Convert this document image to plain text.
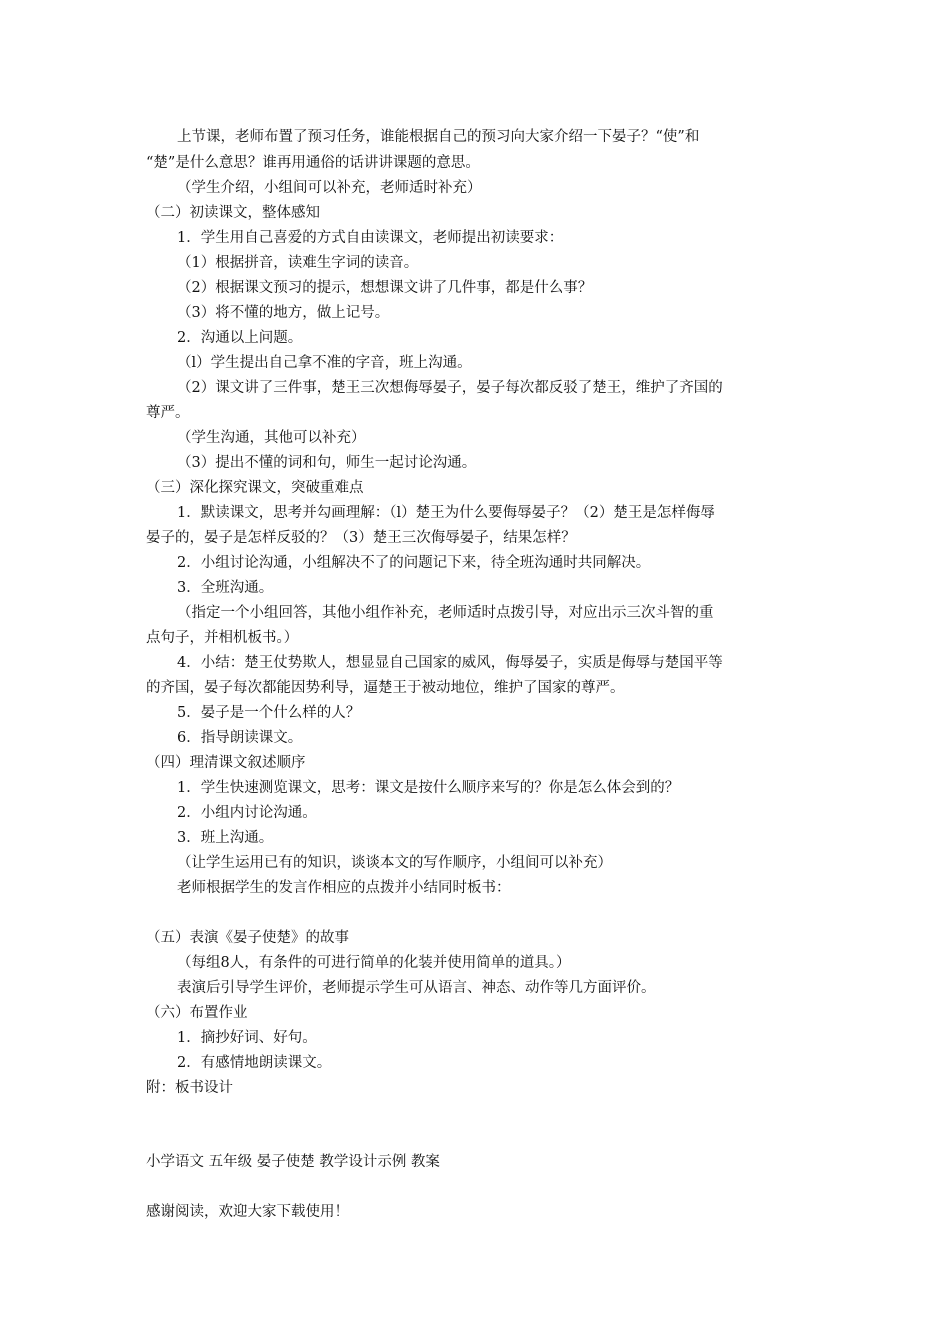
上节课，老师布置了预习任务，谁能根据自己的预习向大家介绍一下晏子？“使”和
“楚”是什么意思？谁再用通俗的话讲讲课题的意思。
（学生介绍，小组间可以补充，老师适时补充）
（二）初读课文，整体感知
1．学生用自己喜爱的方式自由读课文，老师提出初读要求：
（1）根据拼音，读难生字词的读音。
（2）根据课文预习的提示，想想课文讲了几件事，都是什么事？
（3）将不懂的地方，做上记号。
2．沟通以上问题。
（l）学生提出自己拿不准的字音，班上沟通。
（2）课文讲了三件事，楚王三次想侮辱晏子，晏子每次都反驳了楚王，维护了齐国的
尊严。
（学生沟通，其他可以补充）
（3）提出不懂的词和句，师生一起讨论沟通。
（三）深化探究课文，突破重难点
1．默读课文，思考并勾画理解：（l）楚王为什么要侮辱晏子？（2）楚王是怎样侮辱
晏子的，晏子是怎样反驳的？（3）楚王三次侮辱晏子，结果怎样？
2．小组讨论沟通，小组解决不了的问题记下来，待全班沟通时共同解决。
3．全班沟通。
（指定一个小组回答，其他小组作补充，老师适时点拨引导，对应出示三次斗智的重
点句子，并相机板书。）
4．小结：楚王仗势欺人，想显显自己国家的威风，侮辱晏子，实质是侮辱与楚国平等
的齐国，晏子每次都能因势利导，逼楚王于被动地位，维护了国家的尊严。
5．晏子是一个什么样的人？
6．指导朗读课文。
（四）理清课文叙述顺序
1．学生快速测览课文，思考：课文是按什么顺序来写的？你是怎么体会到的？
2．小组内讨论沟通。
3．班上沟通。
（让学生运用已有的知识，谈谈本文的写作顺序，小组间可以补充）
老师根据学生的发言作相应的点拨并小结同时板书：
（五）表演《晏子使楚》的故事
（每组8人，有条件的可进行简单的化装并使用简单的道具。）
表演后引导学生评价，老师提示学生可从语言、神态、动作等几方面评价。
（六）布置作业
1．摘抄好词、好句。
2．有感情地朗读课文。
附：板书设计
小学语文 五年级 晏子使楚 教学设计示例 教案
感谢阅读，欢迎大家下载使用！
